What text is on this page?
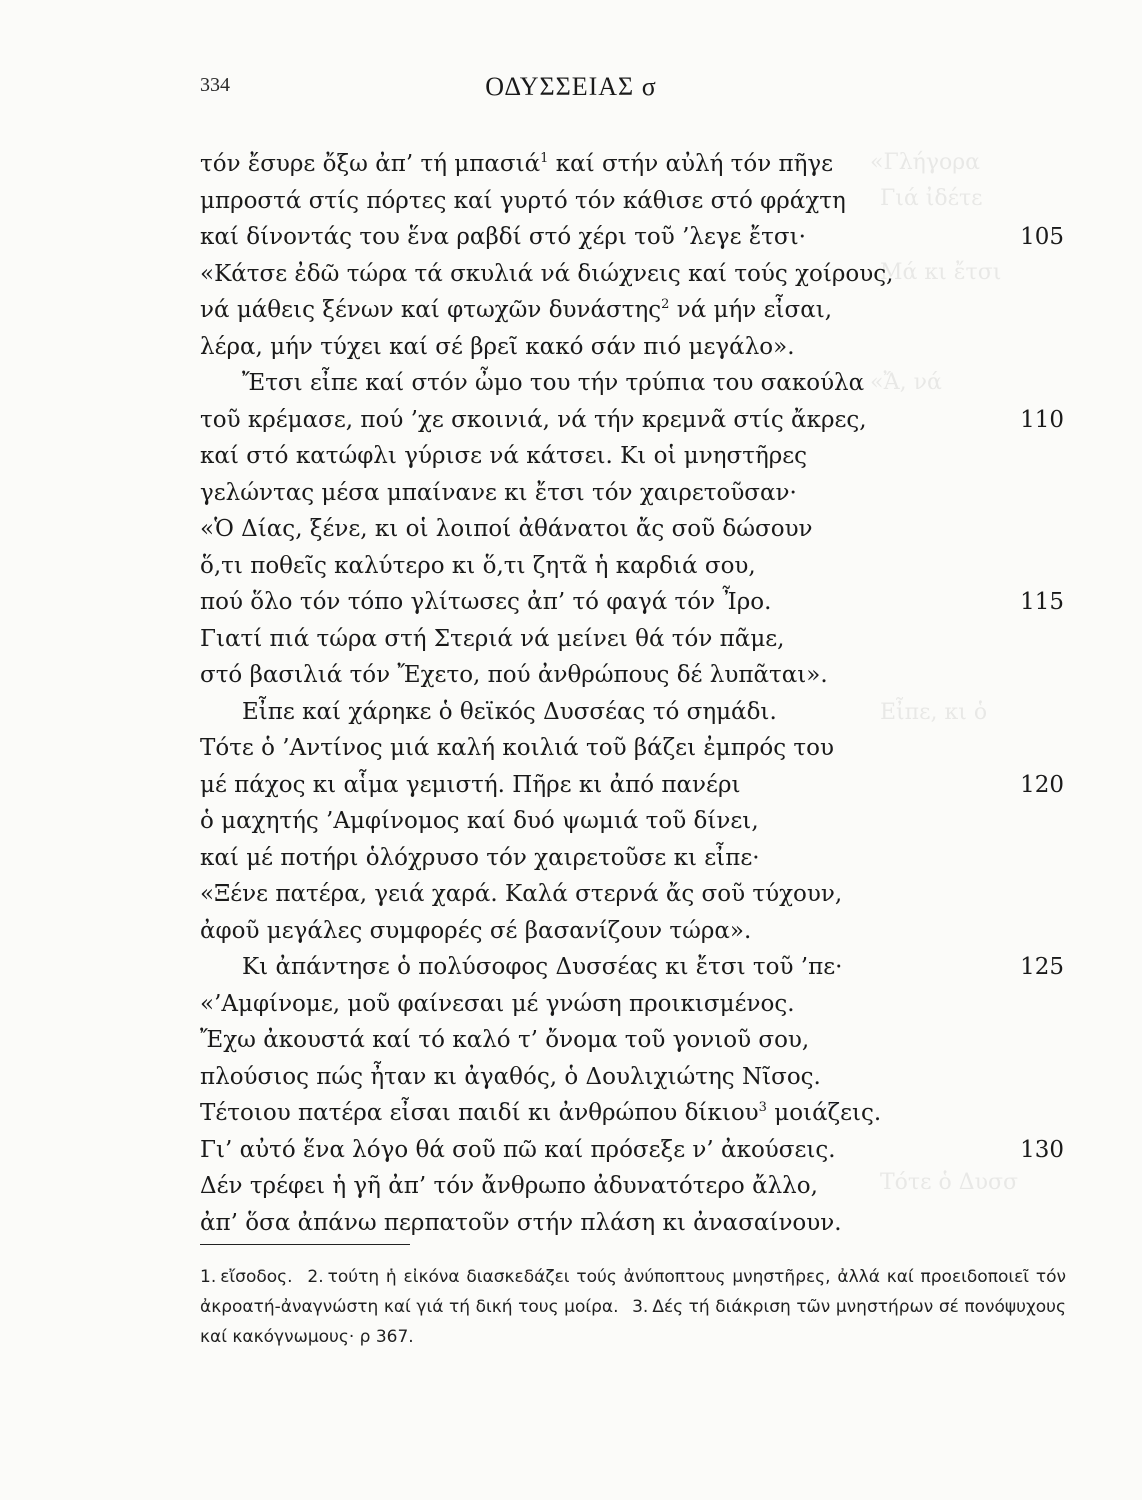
«Γλήγορα
Γιά ἰδέτε
Μά κι ἔτσι
«Ἄ, νά
Εἶπε, κι ὁ
Τότε ὁ Δυσσ
334	ΟΔΥΣΣΕΙΑΣ σ
τόν ἔσυρε ὄξω ἀπ’ τή μπασιά$^1$ καί στήν αὐλή τόν πῆγε
μπροστά στίς πόρτες καί γυρτό τόν κάθισε στό φράχτη
καί δίνοντάς του ἕνα ραβδί στό χέρι τοῦ ’λεγε ἔτσι·	105
«Κάτσε ἐδῶ τώρα τά σκυλιά νά διώχνεις καί τούς χοίρους,
νά μάθεις ξένων καί φτωχῶν δυνάστης$^2$ νά μήν εἶσαι,
λέρα, μήν τύχει καί σέ βρεῖ κακό σάν πιό μεγάλο».
Ἔτσι εἶπε καί στόν ὦμο του τήν τρύπια του σακούλα
τοῦ κρέμασε, πού ’χε σκοινιά, νά τήν κρεμνᾶ στίς ἄκρες,	110
καί στό κατώφλι γύρισε νά κάτσει. Κι οἱ μνηστῆρες
γελώντας μέσα μπαίνανε κι ἔτσι τόν χαιρετοῦσαν·
«Ὁ Δίας, ξένε, κι οἱ λοιποί ἀθάνατοι ἄς σοῦ δώσουν
ὅ,τι ποθεῖς καλύτερο κι ὅ,τι ζητᾶ ἡ καρδιά σου,
πού ὅλο τόν τόπο γλίτωσες ἀπ’ τό φαγά τόν Ἶρο.	115
Γιατί πιά τώρα στή Στεριά νά μείνει θά τόν πᾶμε,
στό βασιλιά τόν Ἔχετο, πού ἀνθρώπους δέ λυπᾶται».
Εἶπε καί χάρηκε ὁ θεϊκός Δυσσέας τό σημάδι.
Τότε ὁ ’Αντίνος μιά καλή κοιλιά τοῦ βάζει ἐμπρός του
μέ πάχος κι αἷμα γεμιστή. Πῆρε κι ἀπό πανέρι	120
ὁ μαχητής ’Αμφίνομος καί δυό ψωμιά τοῦ δίνει,
καί μέ ποτήρι ὁλόχρυσο τόν χαιρετοῦσε κι εἶπε·
«Ξένε πατέρα, γειά χαρά. Καλά στερνά ἄς σοῦ τύχουν,
ἀφοῦ μεγάλες συμφορές σέ βασανίζουν τώρα».
Κι ἀπάντησε ὁ πολύσοφος Δυσσέας κι ἔτσι τοῦ ’πε·	125
«’Αμφίνομε, μοῦ φαίνεσαι μέ γνώση προικισμένος.
Ἔχω ἀκουστά καί τό καλό τ’ ὄνομα τοῦ γονιοῦ σου,
πλούσιος πώς ἦταν κι ἀγαθός, ὁ Δουλιχιώτης Νῖσος.
Τέτοιου πατέρα εἶσαι παιδί κι ἀνθρώπου δίκιου$^3$ μοιάζεις.
Γι’ αὐτό ἕνα λόγο θά σοῦ πῶ καί πρόσεξε ν’ ἀκούσεις.	130
Δέν τρέφει ἡ γῆ ἀπ’ τόν ἄνθρωπο ἀδυνατότερο ἄλλο,
ἀπ’ ὅσα ἀπάνω περπατοῦν στήν πλάση κι ἀνασαίνουν.
1. εἴσοδος. 2. τούτη ἡ εἰκόνα διασκεδάζει τούς ἀνύποπτους μνηστῆρες, ἀλλά καί προειδοποιεῖ τόν ἀκροατή-ἀναγνώστη καί γιά τή δική τους μοίρα. 3. Δές τή διάκριση τῶν μνηστήρων σέ πονόψυχους καί κακόγνωμους· ρ 367.
